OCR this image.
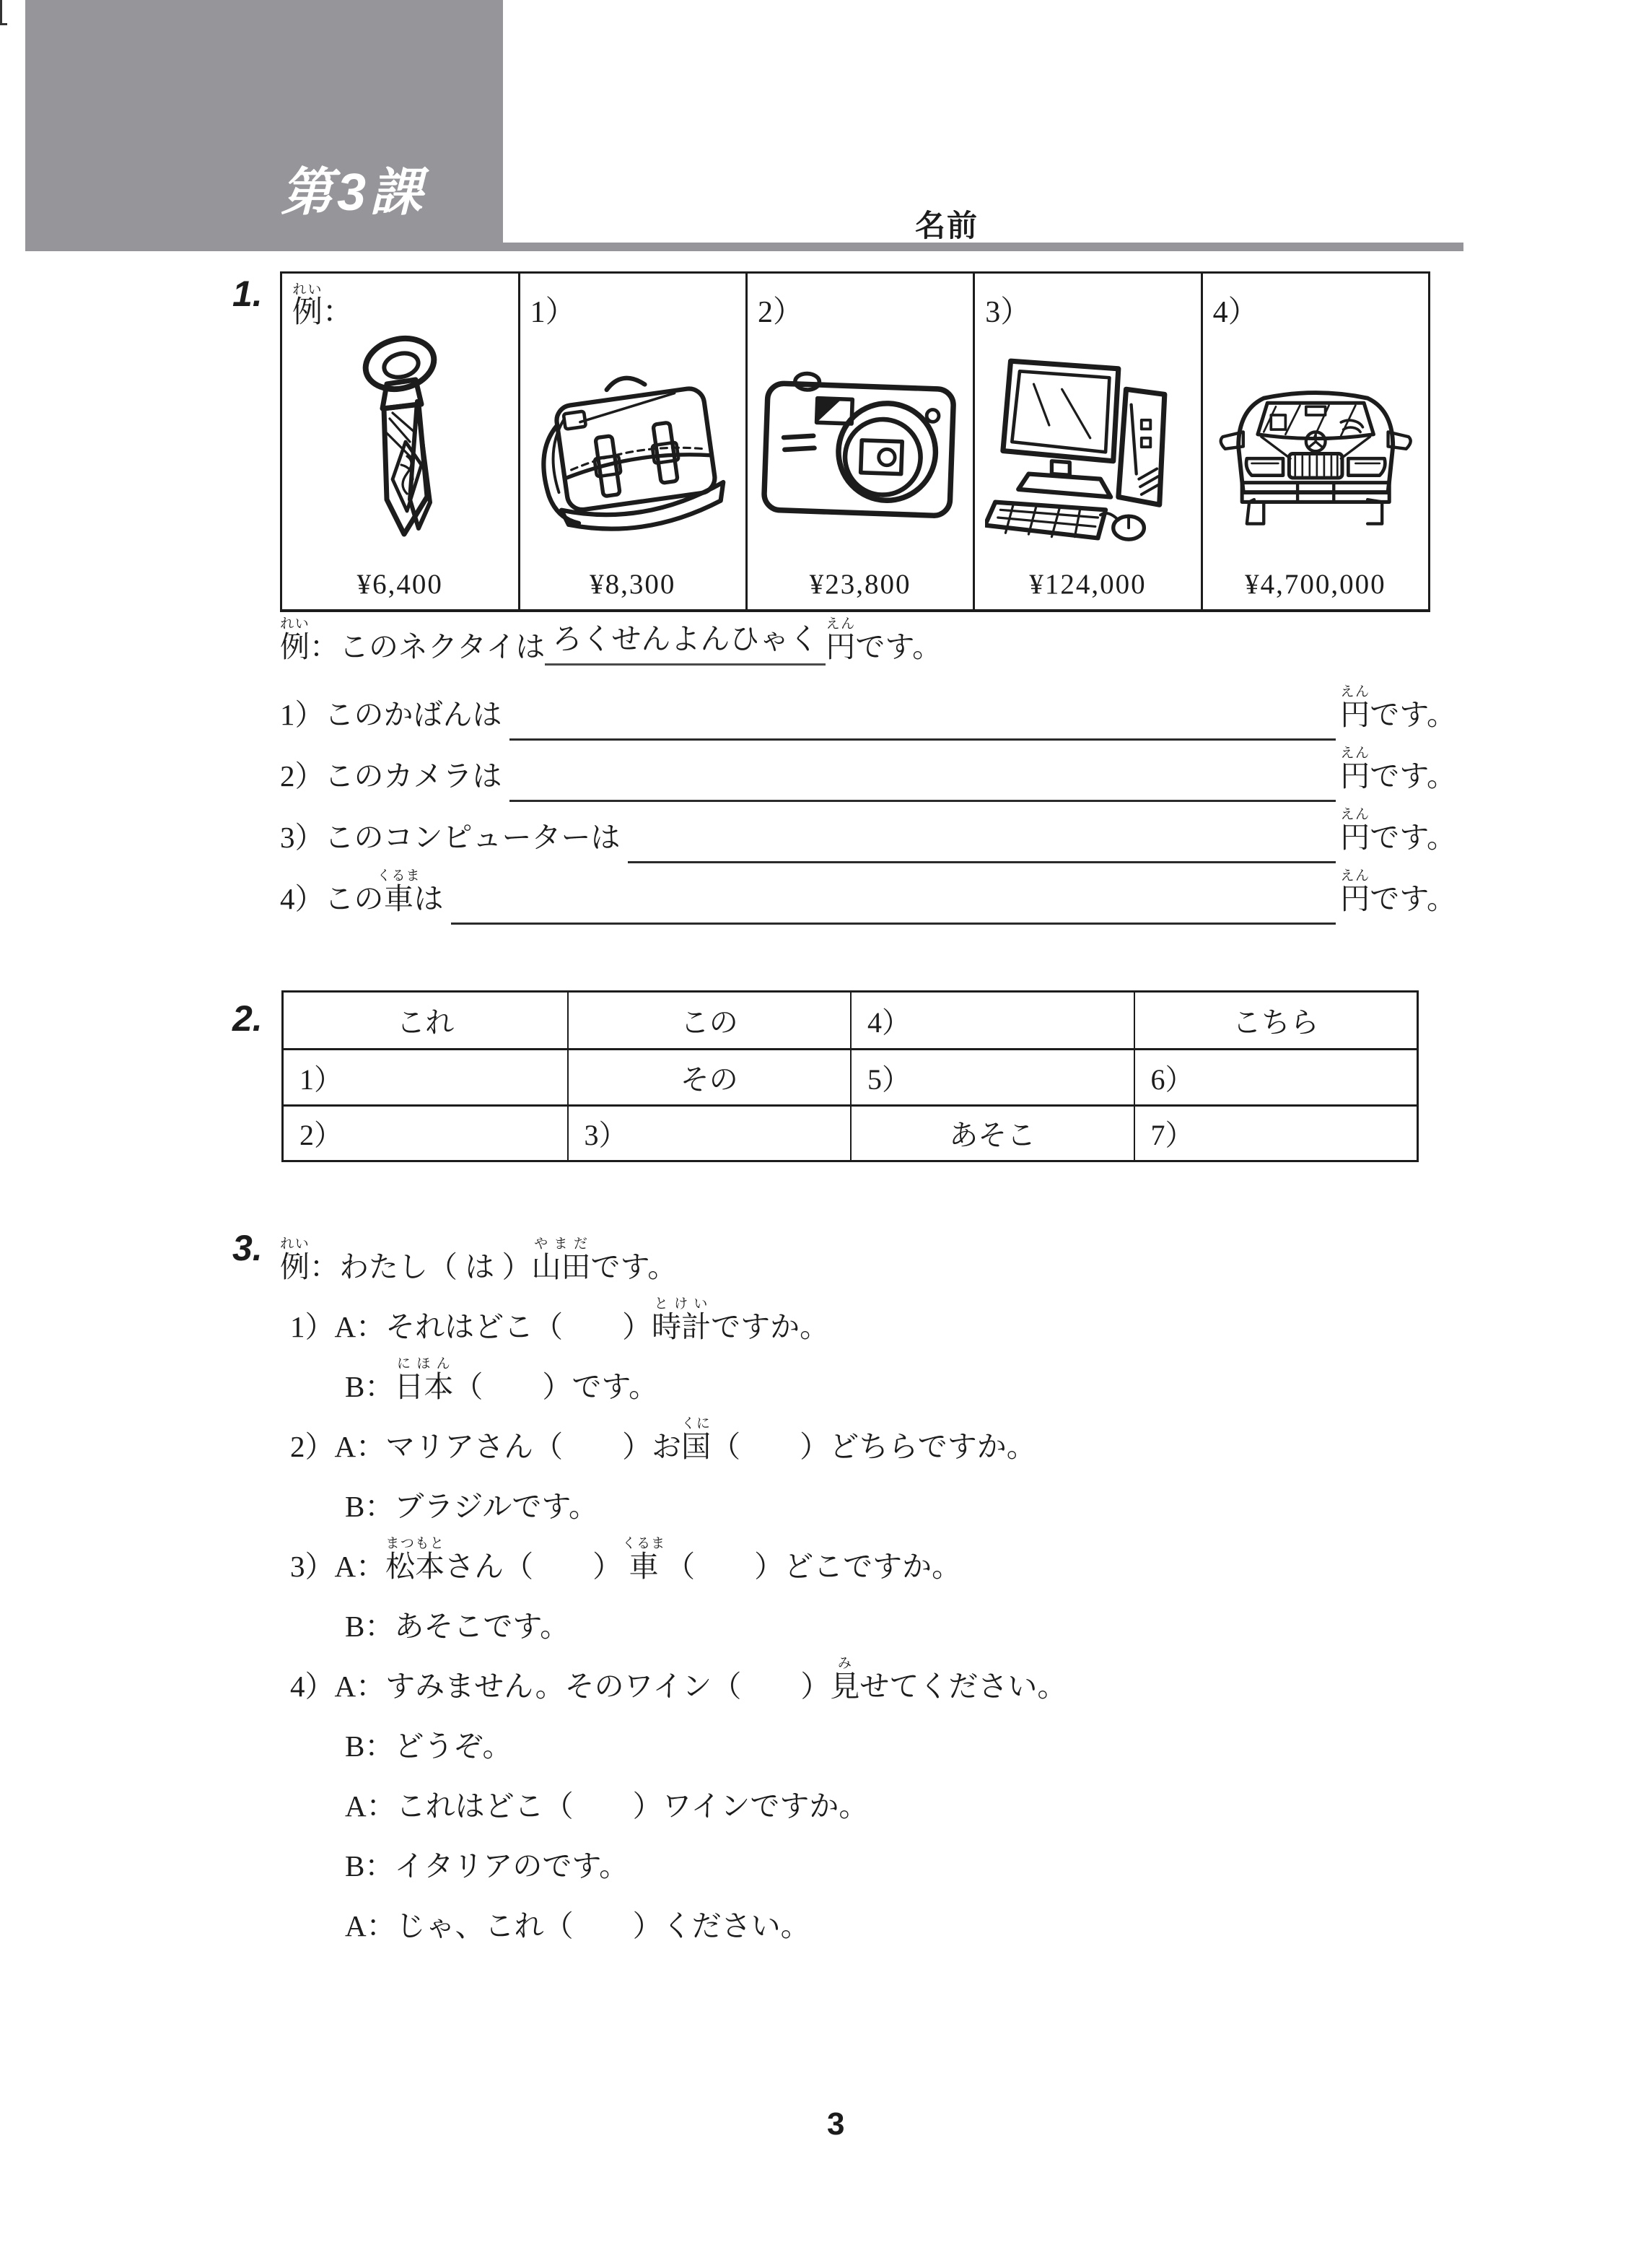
第3課
名前
1. 例れい
：
¥6,400
1）
¥8,300
2）
¥23,800
3）
¥124,000
4）
¥4,700,000
例れい
：このネクタイは ろくせんよんひゃく 円えん
です。
1）このかばんは	円えんです。
2）このカメラは	円えんです。
3）このコンピューターは	円えんです。
4）この車くるまは	円えんです。
2.	これ	この	4）	こちら
1）	その	5）	6）
2）	3）	あそこ	7）
3. 例れい
：わたし（ は ） 山田やまだ
です。
1）A：それはどこ（　　） 時計とけい
ですか。
B： 日本にほん
（　　）です。
2）A：マリアさん（　　）お 国くに
（　　）どちらですか。
B：ブラジルです。
3）A： 松本まつもと
さん（　　） 車くるま
（　　）どこですか。
B：あそこです。
4）A：すみません。そのワイン（　　） 見み
せてください。
B：どうぞ。
A：これはどこ（　　）ワインですか。
B：イタリアのです。
A：じゃ、これ（　　）ください。
3
